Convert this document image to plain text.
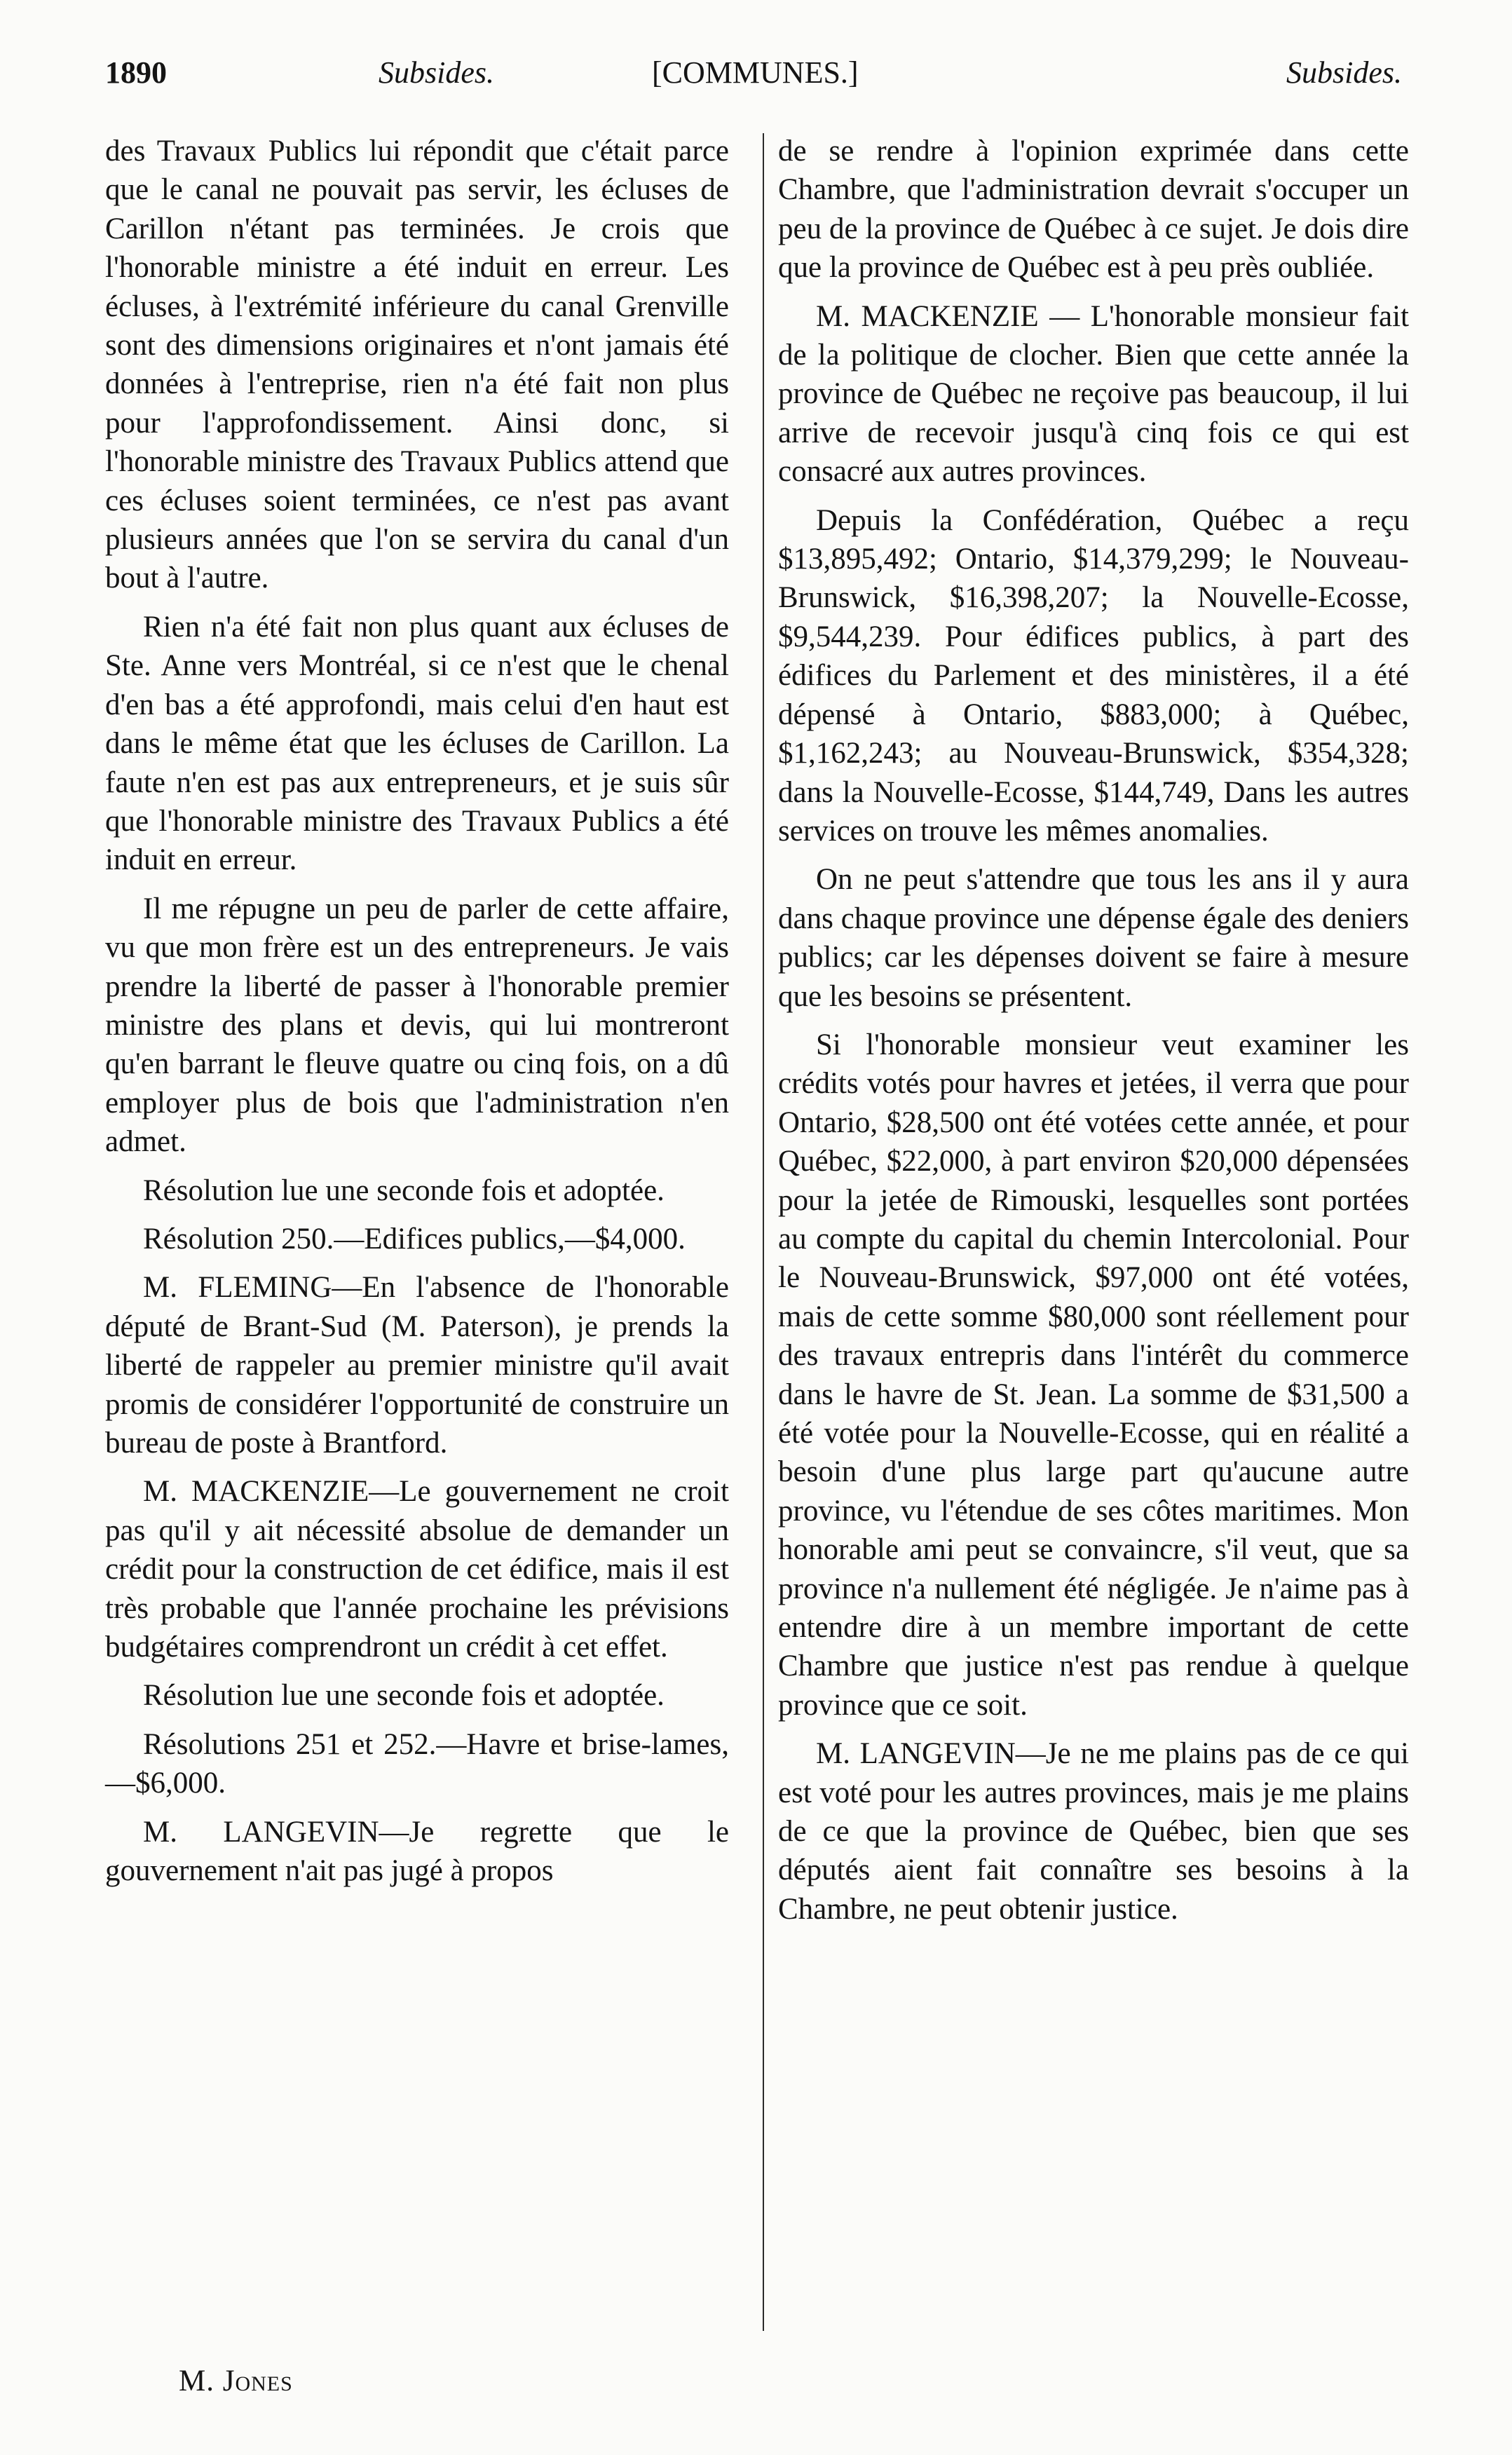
1890	Subsides.	[COMMUNES.]	Subsides.

des Travaux Publics lui répondit que c'était parce que le canal ne pouvait pas servir, les écluses de Carillon n'étant pas terminées. Je crois que l'honorable ministre a été induit en erreur. Les écluses, à l'extrémité inférieure du canal Grenville sont des dimensions originaires et n'ont jamais été données à l'entreprise, rien n'a été fait non plus pour l'approfondissement. Ainsi donc, si l'honorable ministre des Travaux Publics attend que ces écluses soient terminées, ce n'est pas avant plusieurs années que l'on se servira du canal d'un bout à l'autre.

Rien n'a été fait non plus quant aux écluses de Ste. Anne vers Montréal, si ce n'est que le chenal d'en bas a été approfondi, mais celui d'en haut est dans le même état que les écluses de Carillon. La faute n'en est pas aux entrepreneurs, et je suis sûr que l'honorable ministre des Travaux Publics a été induit en erreur.

Il me répugne un peu de parler de cette affaire, vu que mon frère est un des entrepreneurs. Je vais prendre la liberté de passer à l'honorable premier ministre des plans et devis, qui lui montreront qu'en barrant le fleuve quatre ou cinq fois, on a dû employer plus de bois que l'administration n'en admet.

Résolution lue une seconde fois et adoptée.

Résolution 250.—Edifices publics,—$4,000.

M. FLEMING—En l'absence de l'honorable député de Brant-Sud (M. Paterson), je prends la liberté de rappeler au premier ministre qu'il avait promis de considérer l'opportunité de construire un bureau de poste à Brantford.

M. MACKENZIE—Le gouvernement ne croit pas qu'il y ait nécessité absolue de demander un crédit pour la construction de cet édifice, mais il est très probable que l'année prochaine les prévisions budgétaires comprendront un crédit à cet effet.

Résolution lue une seconde fois et adoptée.

Résolutions 251 et 252.—Havre et brise-lames,—$6,000.

M. LANGEVIN—Je regrette que le gouvernement n'ait pas jugé à propos

de se rendre à l'opinion exprimée dans cette Chambre, que l'administration devrait s'occuper un peu de la province de Québec à ce sujet. Je dois dire que la province de Québec est à peu près oubliée.

M. MACKENZIE — L'honorable monsieur fait de la politique de clocher. Bien que cette année la province de Québec ne reçoive pas beaucoup, il lui arrive de recevoir jusqu'à cinq fois ce qui est consacré aux autres provinces.

Depuis la Confédération, Québec a reçu $13,895,492; Ontario, $14,379,299; le Nouveau-Brunswick, $16,398,207; la Nouvelle-Ecosse, $9,544,239. Pour édifices publics, à part des édifices du Parlement et des ministères, il a été dépensé à Ontario, $883,000; à Québec, $1,162,243; au Nouveau-Brunswick, $354,328; dans la Nouvelle-Ecosse, $144,749, Dans les autres services on trouve les mêmes anomalies.

On ne peut s'attendre que tous les ans il y aura dans chaque province une dépense égale des deniers publics; car les dépenses doivent se faire à mesure que les besoins se présentent.

Si l'honorable monsieur veut examiner les crédits votés pour havres et jetées, il verra que pour Ontario, $28,500 ont été votées cette année, et pour Québec, $22,000, à part environ $20,000 dépensées pour la jetée de Rimouski, lesquelles sont portées au compte du capital du chemin Intercolonial. Pour le Nouveau-Brunswick, $97,000 ont été votées, mais de cette somme $80,000 sont réellement pour des travaux entrepris dans l'intérêt du commerce dans le havre de St. Jean. La somme de $31,500 a été votée pour la Nouvelle-Ecosse, qui en réalité a besoin d'une plus large part qu'aucune autre province, vu l'étendue de ses côtes maritimes. Mon honorable ami peut se convaincre, s'il veut, que sa province n'a nullement été négligée. Je n'aime pas à entendre dire à un membre important de cette Chambre que justice n'est pas rendue à quelque province que ce soit.

M. LANGEVIN—Je ne me plains pas de ce qui est voté pour les autres provinces, mais je me plains de ce que la province de Québec, bien que ses députés aient fait connaître ses besoins à la Chambre, ne peut obtenir justice.

M. Jones
